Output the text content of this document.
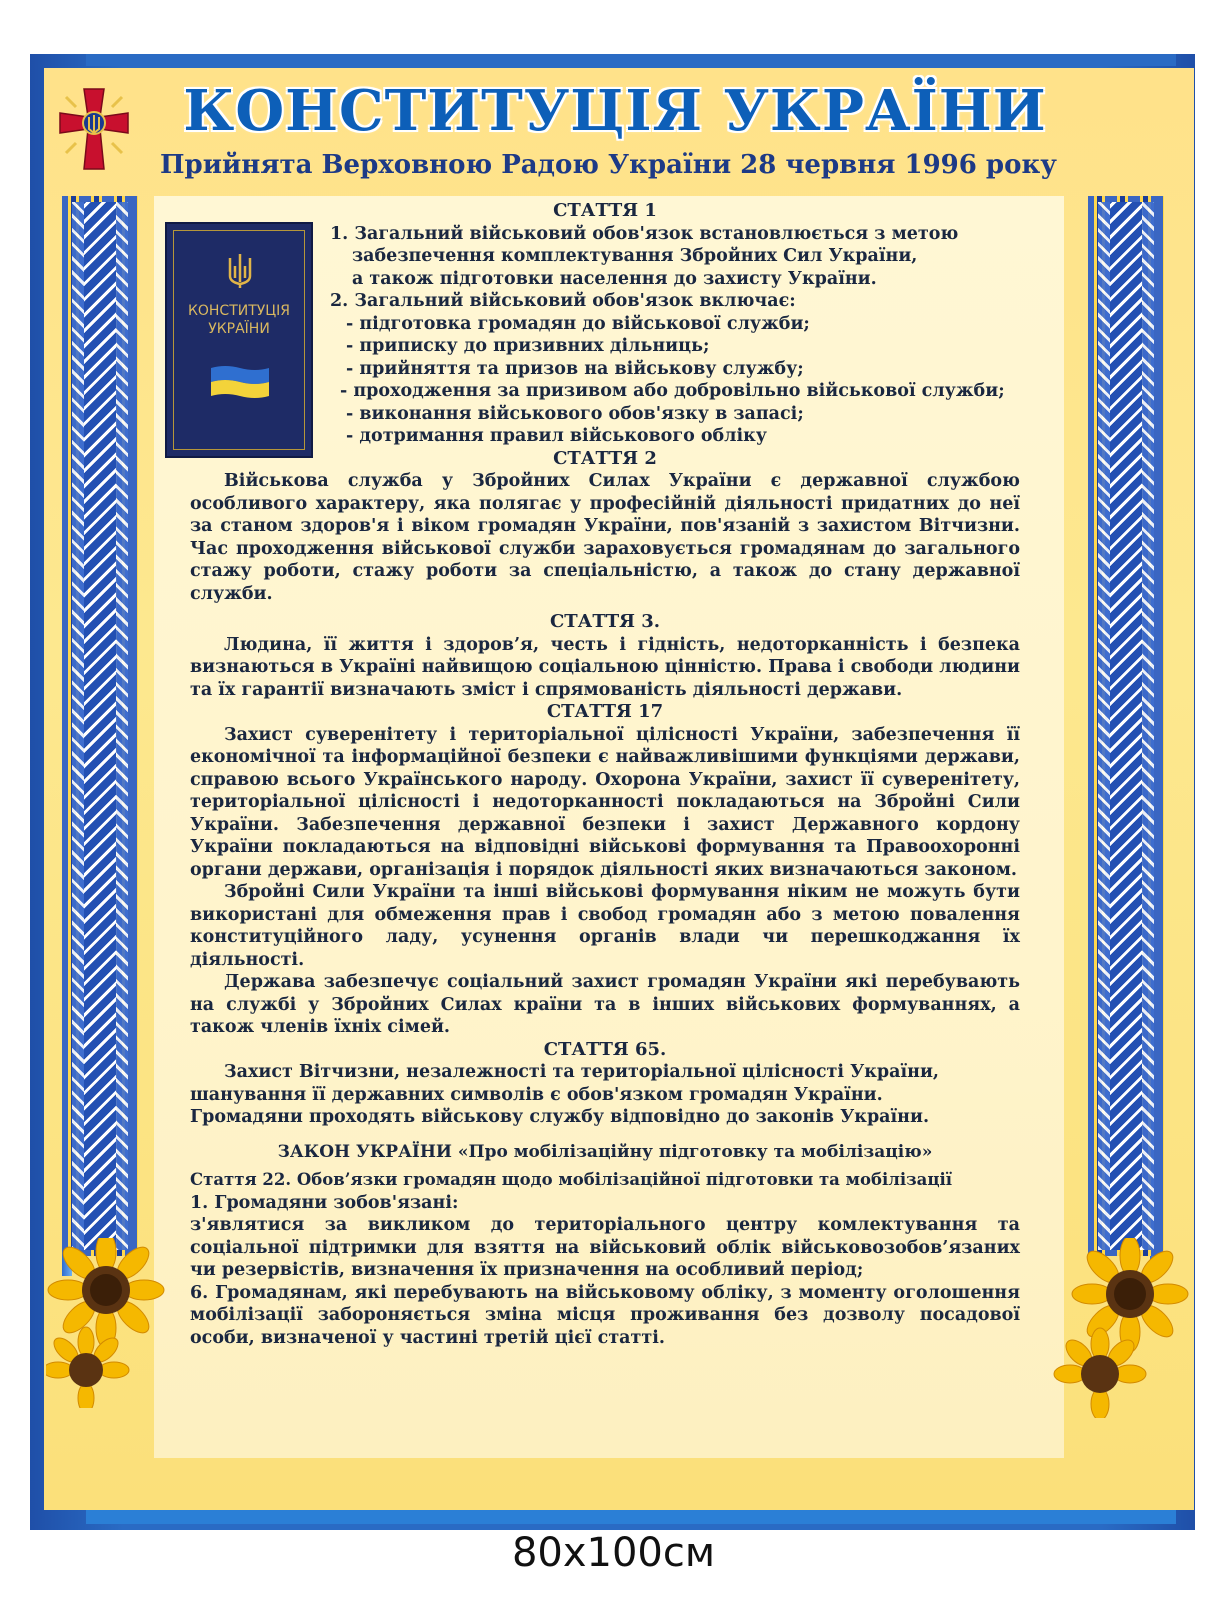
КОНСТИТУЦІЯ УКРАЇНИ
Прийнята Верховною Радою України 28 червня 1996 року
КОНСТИТУЦІЯ
УКРАЇНИ

СТАТТЯ 1

1. Загальний військовий обов'язок встановлюється з метою

забезпечення комплектування Збройних Сил України,

а також підготовки населення до захисту України.

2. Загальний військовий обов'язок включає:

- підготовка громадян до військової служби;

- приписку до призивних дільниць;

- прийняття та призов на військову службу;

- проходження за призивом або добровільно військової служби;

- виконання військового обов'язку в запасі;

- дотримання правил військового обліку

СТАТТЯ 2

Військова служба у Збройних Силах України є державної службою особливого характеру, яка полягає у професійній діяльності придатних до неї за станом здоров'я і віком громадян України, пов'язаній з захистом Вітчизни. Час проходження військової служби зараховується громадянам до загального стажу роботи, стажу роботи за спеціальністю, а також до стану державної служби.

СТАТТЯ 3.

Людина, її життя і здоров’я, честь і гідність, недоторканність і безпека визнаються в Україні найвищою соціальною цінністю. Права і свободи людини та їх гарантії визначають зміст і спрямованість діяльності держави.

СТАТТЯ 17

Захист суверенітету і територіальної цілісності України, забезпечення її економічної та інформаційної безпеки є найважливішими функціями держави, справою всього Українського народу. Охорона України, захист її суверенітету, територіальної цілісності і недоторканності покладаються на Збройні Сили України. Забезпечення державної безпеки і захист Державного кордону України покладаються на відповідні військові формування та Правоохоронні органи держави, організація і порядок діяльності яких визначаються законом.

Збройні Сили України та інші військові формування ніким не можуть бути використані для обмеження прав і свобод громадян або з метою повалення конституційного ладу, усунення органів влади чи перешкоджання їх діяльності.

Держава забезпечує соціальний захист громадян України які перебувають на службі у Збройних Силах країни та в інших військових формуваннях, а також членів їхніх сімей.

СТАТТЯ 65.

Захист Вітчизни, незалежності та територіальної цілісності України,

шанування її державних символів є обов'язком громадян України.

Громадяни проходять військову службу відповідно до законів України.

ЗАКОН УКРАЇНИ «Про мобілізаційну підготовку та мобілізацію»

Стаття 22. Обов’язки громадян щодо мобілізаційної підготовки та мобілізації

1. Громадяни зобов'язані:

з'являтися за викликом до територіального центру комлектування та соціальної підтримки для взяття на військовий облік військовозобов’язаних чи резервістів, визначення їх призначення на особливий період;

6. Громадянам, які перебувають на військовому обліку, з моменту оголошення мобілізації забороняється зміна місця проживання без дозволу посадової особи, визначеної у частині третій цієї статті.

80x100см
